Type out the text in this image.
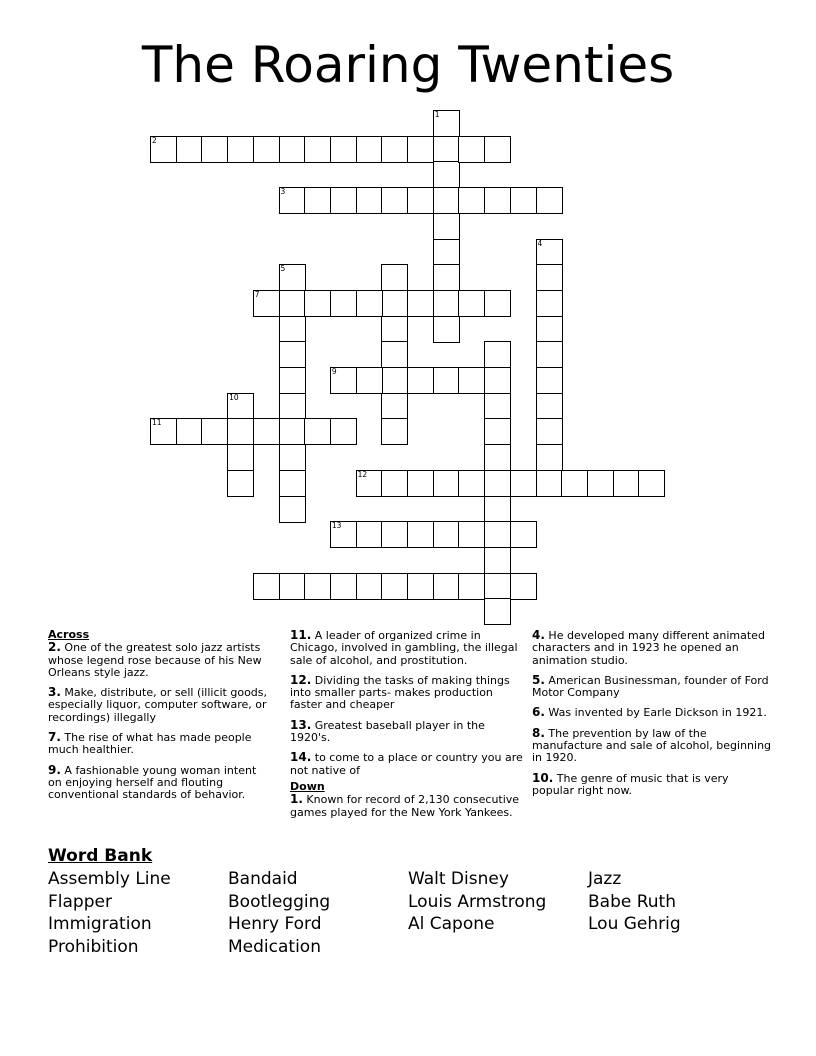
The Roaring Twenties
1
2
3
4
5
7
9
10
11
12
13
Across
2. One of the greatest solo jazz artists whose legend rose because of his New Orleans style jazz.
3. Make, distribute, or sell (illicit goods, especially liquor, computer software, or recordings) illegally
7. The rise of what has made people much healthier.
9. A fashionable young woman intent on enjoying herself and flouting conventional standards of behavior.
11. A leader of organized crime in Chicago, involved in gambling, the illegal sale of alcohol, and prostitution.
12. Dividing the tasks of making things into smaller parts- makes production faster and cheaper
13. Greatest baseball player in the 1920's.
14. to come to a place or country you are not native of
Down
1. Known for record of 2,130 consecutive games played for the New York Yankees.
4. He developed many different animated characters and in 1923 he opened an animation studio.
5. American Businessman, founder of Ford Motor Company
6. Was invented by Earle Dickson in 1921.
8. The prevention by law of the manufacture and sale of alcohol, beginning in 1920.
10. The genre of music that is very popular right now.
Word Bank
Assembly Line
Flapper
Immigration
Prohibition
Bandaid
Bootlegging
Henry Ford
Medication
Walt Disney
Louis Armstrong
Al Capone
Jazz
Babe Ruth
Lou Gehrig
